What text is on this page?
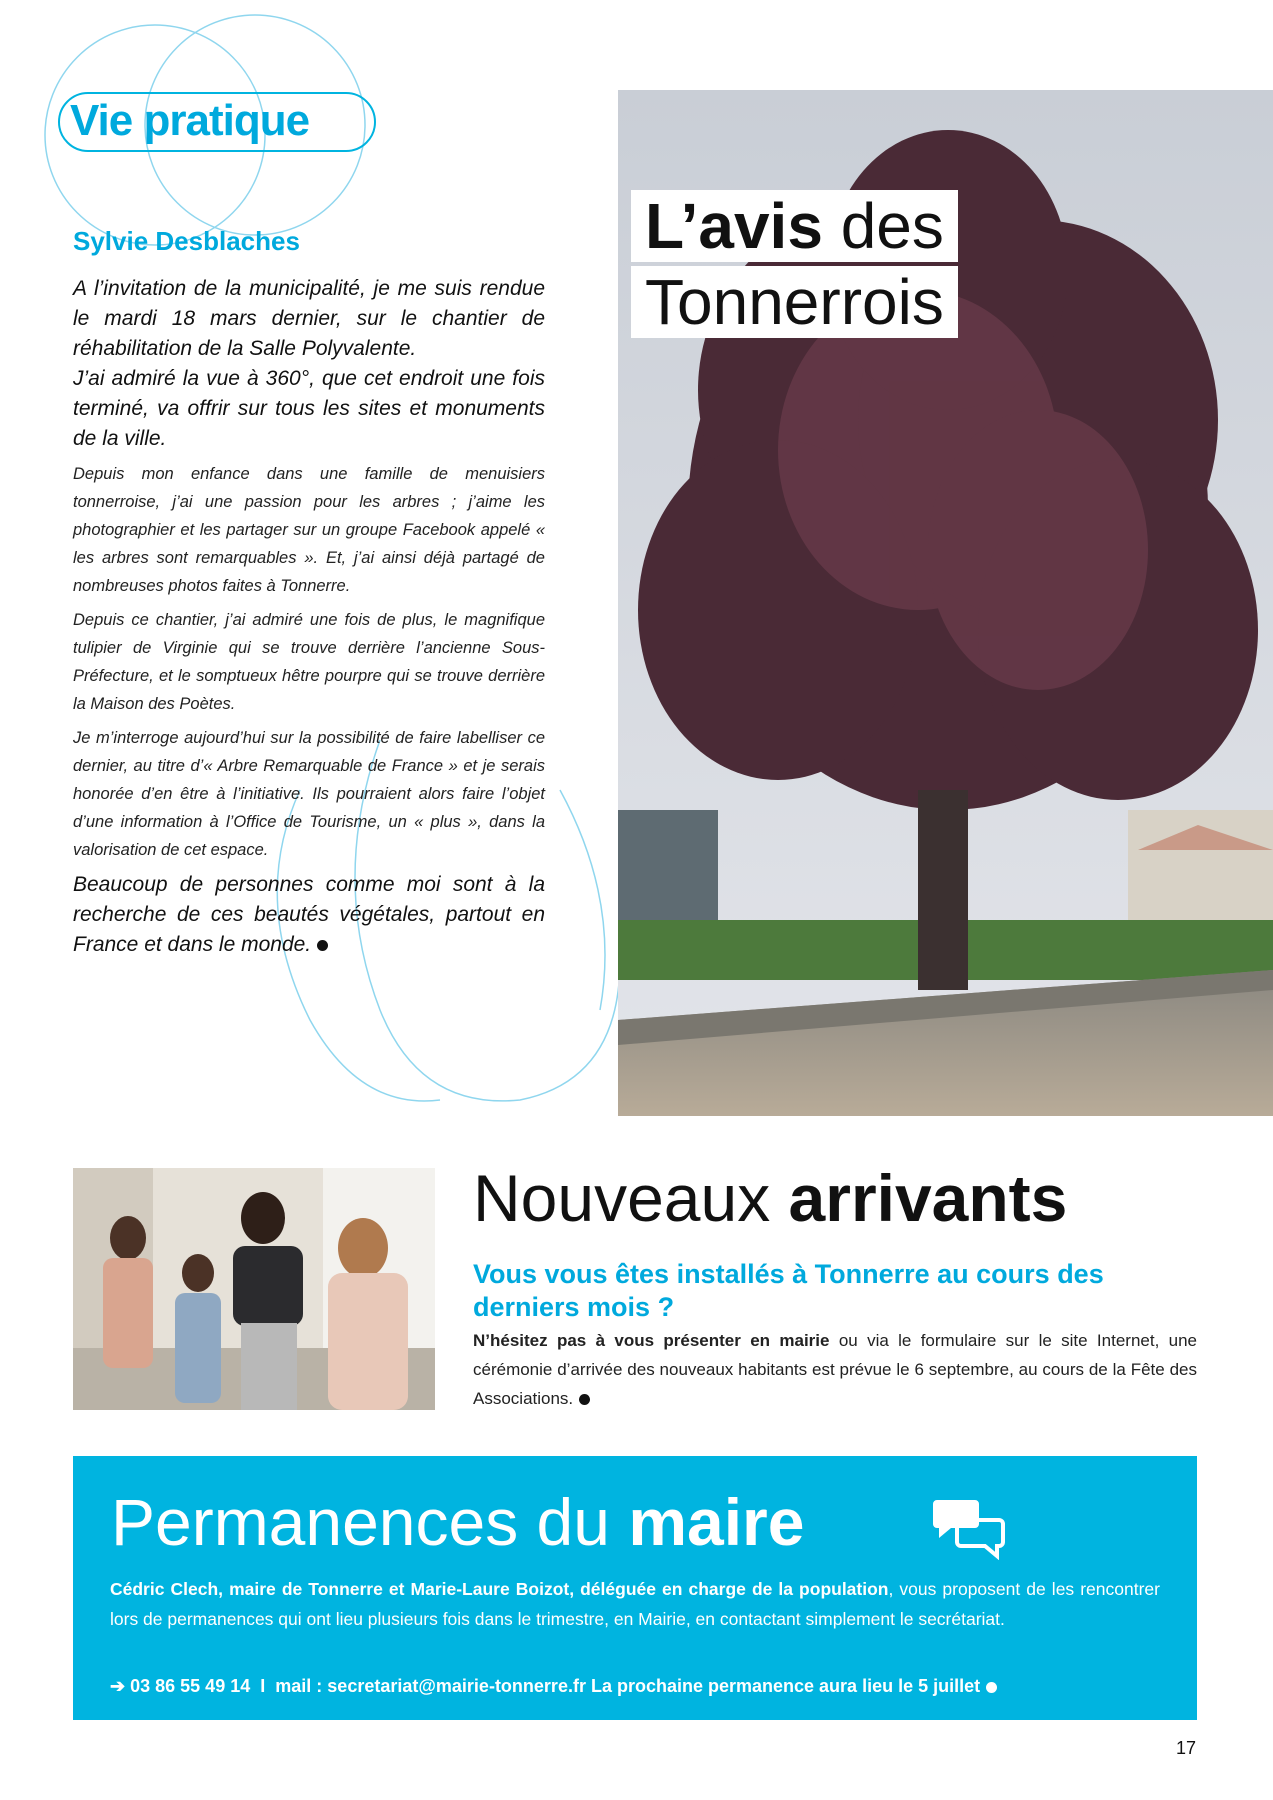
Vie pratique
Sylvie Desblaches

A l’invitation de la municipalité, je me suis rendue le mardi 18 mars dernier, sur le chantier de réhabilitation de la Salle Polyvalente.

J’ai admiré la vue à 360°, que cet endroit une fois terminé, va offrir sur tous les sites et monuments de la ville.

Depuis mon enfance dans une famille de menuisiers tonnerroise, j’ai une passion pour les arbres ; j’aime les photographier et les partager sur un groupe Facebook appelé « les arbres sont remarquables ». Et, j’ai ainsi déjà partagé de nombreuses photos faites à Tonnerre.

Depuis ce chantier, j’ai admiré une fois de plus, le magnifique tulipier de Virginie qui se trouve derrière l’ancienne Sous-Préfecture, et le somptueux hêtre pourpre qui se trouve derrière la Maison des Poètes.

Je m’interroge aujourd’hui sur la possibilité de faire labelliser ce dernier, au titre d’« Arbre Remarquable de France » et je serais honorée d’en être à l’initiative. Ils pourraient alors faire l’objet d’une information à l’Office de Tourisme, un « plus », dans la valorisation de cet espace.

Beaucoup de personnes comme moi sont à la recherche de ces beautés végétales, partout en France et dans le monde.

L’avis des
Tonnerrois
Nouveaux arrivants
Vous vous êtes installés à Tonnerre au cours des derniers mois ?
N’hésitez pas à vous présenter en mairie ou via le formulaire sur le site Internet, une cérémonie d’arrivée des nouveaux habitants est prévue le 6 septembre, au cours de la Fête des Associations.
Permanences du maire
Cédric Clech, maire de Tonnerre et Marie-Laure Boizot, déléguée en charge de la population, vous proposent de les rencontrer lors de permanences qui ont lieu plusieurs fois dans le trimestre, en Mairie, en contactant simplement le secrétariat.
➔ 03 86 55 49 14 I mail : secretariat@mairie-tonnerre.fr La prochaine permanence aura lieu le 5 juillet
17
